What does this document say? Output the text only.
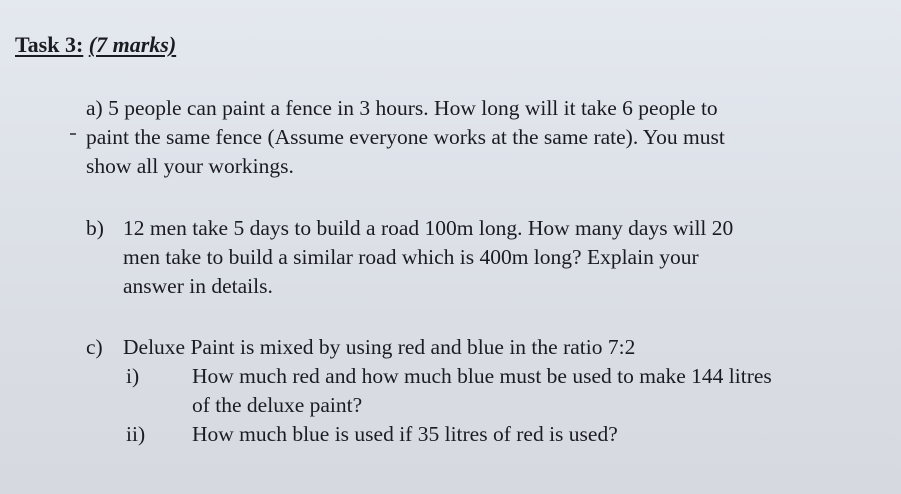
Task 3: (7 marks)
a) 5 people can paint a fence in 3 hours. How long will it take 6 people to
paint the same fence (Assume everyone works at the same rate). You must
show all your workings.
b) 12 men take 5 days to build a road 100m long. How many days will 20
men take to build a similar road which is 400m long? Explain your
answer in details.
c) Deluxe Paint is mixed by using red and blue in the ratio 7:2
i) How much red and how much blue must be used to make 144 litres
of the deluxe paint?
ii) How much blue is used if 35 litres of red is used?
